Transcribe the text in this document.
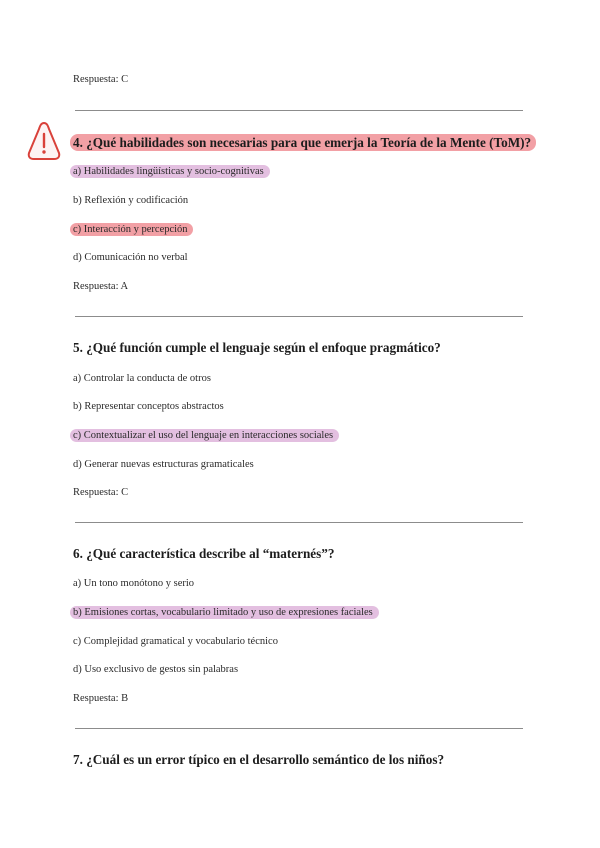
Respuesta: C
4. ¿Qué habilidades son necesarias para que emerja la Teoría de la Mente (ToM)?
a) Habilidades lingüísticas y socio-cognitivas
b) Reflexión y codificación
c) Interacción y percepción
d) Comunicación no verbal
Respuesta: A
5. ¿Qué función cumple el lenguaje según el enfoque pragmático?
a) Controlar la conducta de otros
b) Representar conceptos abstractos
c) Contextualizar el uso del lenguaje en interacciones sociales
d) Generar nuevas estructuras gramaticales
Respuesta: C
6. ¿Qué característica describe al “maternés”?
a) Un tono monótono y serio
b) Emisiones cortas, vocabulario limitado y uso de expresiones faciales
c) Complejidad gramatical y vocabulario técnico
d) Uso exclusivo de gestos sin palabras
Respuesta: B
7. ¿Cuál es un error típico en el desarrollo semántico de los niños?
